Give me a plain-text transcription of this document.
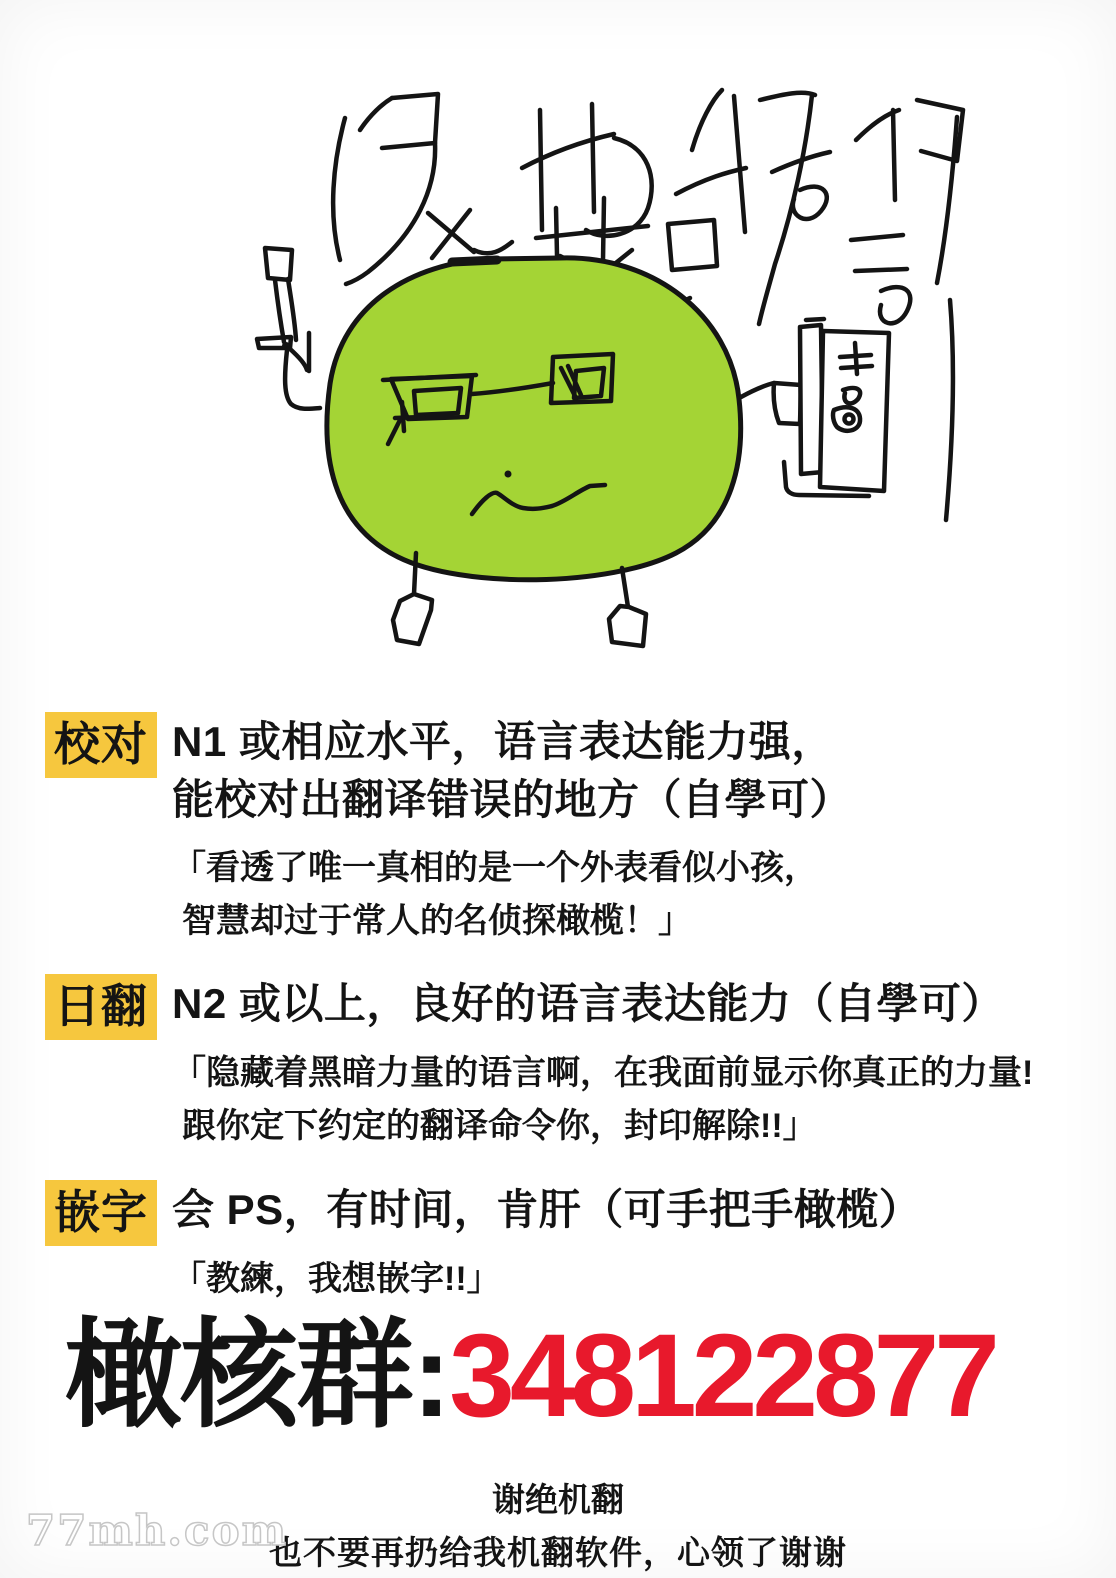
校对 N1 或相应水平，语言表达能力强，
能校对出翻译错误的地方（自學可）
「看透了唯一真相的是一个外表看似小孩，
智慧却过于常人的名侦探橄榄！」
日翻 N2 或以上，良好的语言表达能力（自學可）
「隐藏着黑暗力量的语言啊，在我面前显示你真正的力量!
跟你定下约定的翻译命令你，封印解除!!」
嵌字 会 PS，有时间，肯肝（可手把手橄榄）
「教練，我想嵌字!!」
橄核群:348122877
谢绝机翻
也不要再扔给我机翻软件，心领了谢谢
77mh.com
